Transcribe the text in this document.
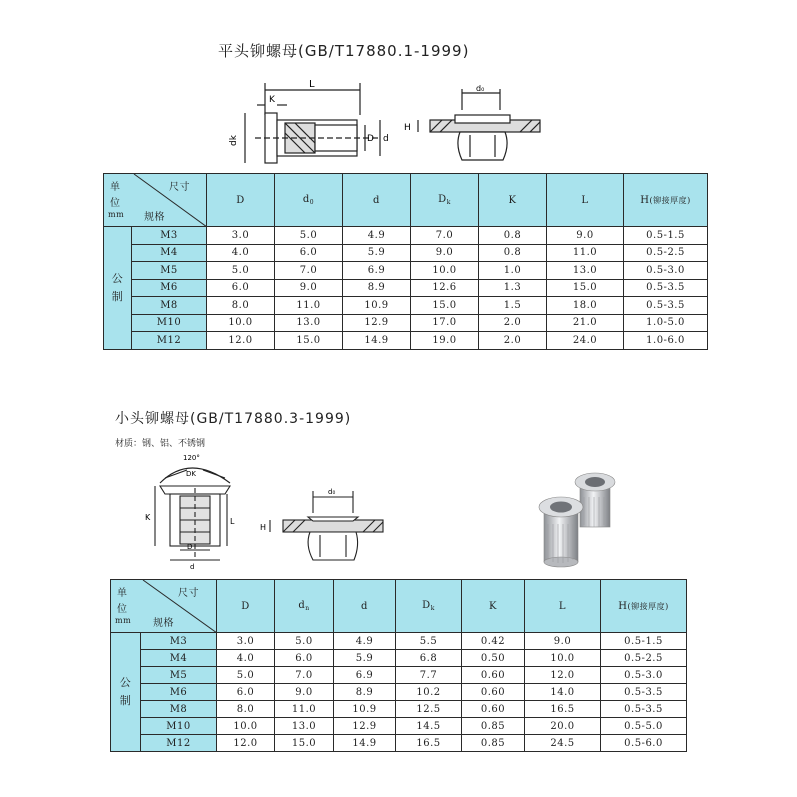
平头铆螺母(GB/T17880.1-1999)
L
K
dk	D d
H
d₀
单
位
mm
尺寸
规格		D	$d_0$	d	$D_k$	K	L	H(铆接厚度)

公
制	M3	3.0	5.0	4.9	7.0	0.8	9.0	0.5-1.5
	M4	4.0	6.0	5.9	9.0	0.8	11.0	0.5-2.5
	M5	5.0	7.0	6.9	10.0	1.0	13.0	0.5-3.0
	M6	6.0	9.0	8.9	12.6	1.3	15.0	0.5-3.5
	M8	8.0	11.0	10.9	15.0	1.5	18.0	0.5-3.5
	M10	10.0	13.0	12.9	17.0	2.0	21.0	1.0-5.0
	M12	12.0	15.0	14.9	19.0	2.0	24.0	1.0-6.0
小头铆螺母(GB/T17880.3-1999)
材质：钢、铝、不锈钢
120°
DK
K	L
D
d
H
d₀
单
位
mm
尺寸
规格		D	$d_n$	d	$D_k$	K	L	H(铆接厚度)

公
制	M3	3.0	5.0	4.9	5.5	0.42	9.0	0.5-1.5
	M4	4.0	6.0	5.9	6.8	0.50	10.0	0.5-2.5
	M5	5.0	7.0	6.9	7.7	0.60	12.0	0.5-3.0
	M6	6.0	9.0	8.9	10.2	0.60	14.0	0.5-3.5
	M8	8.0	11.0	10.9	12.5	0.60	16.5	0.5-3.5
	M10	10.0	13.0	12.9	14.5	0.85	20.0	0.5-5.0
	M12	12.0	15.0	14.9	16.5	0.85	24.5	0.5-6.0
